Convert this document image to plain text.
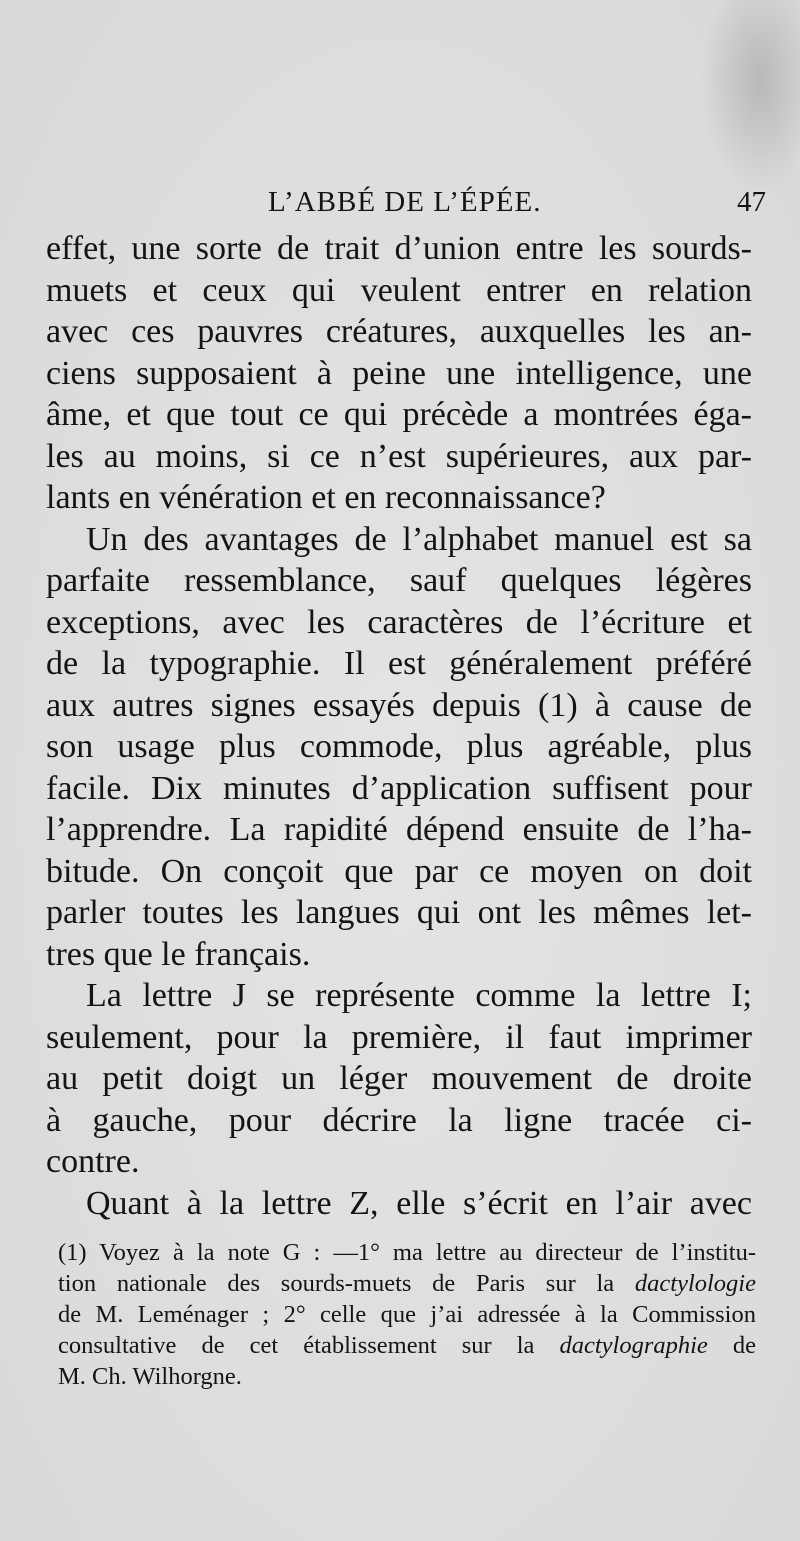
L’ABBÉ DE L’ÉPÉE.	47
effet, une sorte de trait d’union entre les sourds-
muets et ceux qui veulent entrer en relation
avec ces pauvres créatures, auxquelles les an-
ciens supposaient à peine une intelligence, une
âme, et que tout ce qui précède a montrées éga-
les au moins, si ce n’est supérieures, aux par-
lants en vénération et en reconnaissance?
Un des avantages de l’alphabet manuel est sa
parfaite ressemblance, sauf quelques légères
exceptions, avec les caractères de l’écriture et
de la typographie. Il est généralement préféré
aux autres signes essayés depuis (1) à cause de
son usage plus commode, plus agréable, plus
facile. Dix minutes d’application suffisent pour
l’apprendre. La rapidité dépend ensuite de l’ha-
bitude. On conçoit que par ce moyen on doit
parler toutes les langues qui ont les mêmes let-
tres que le français.
La lettre J se représente comme la lettre I;
seulement, pour la première, il faut imprimer
au petit doigt un léger mouvement de droite
à gauche, pour décrire la ligne tracée ci-
contre.
Quant à la lettre Z, elle s’écrit en l’air avec
(1) Voyez à la note G : —1° ma lettre au directeur de l’institu-
tion nationale des sourds-muets de Paris sur la dactylologie
de M. Leménager ; 2° celle que j’ai adressée à la Commission
consultative de cet établissement sur la dactylographie de
M. Ch. Wilhorgne.
